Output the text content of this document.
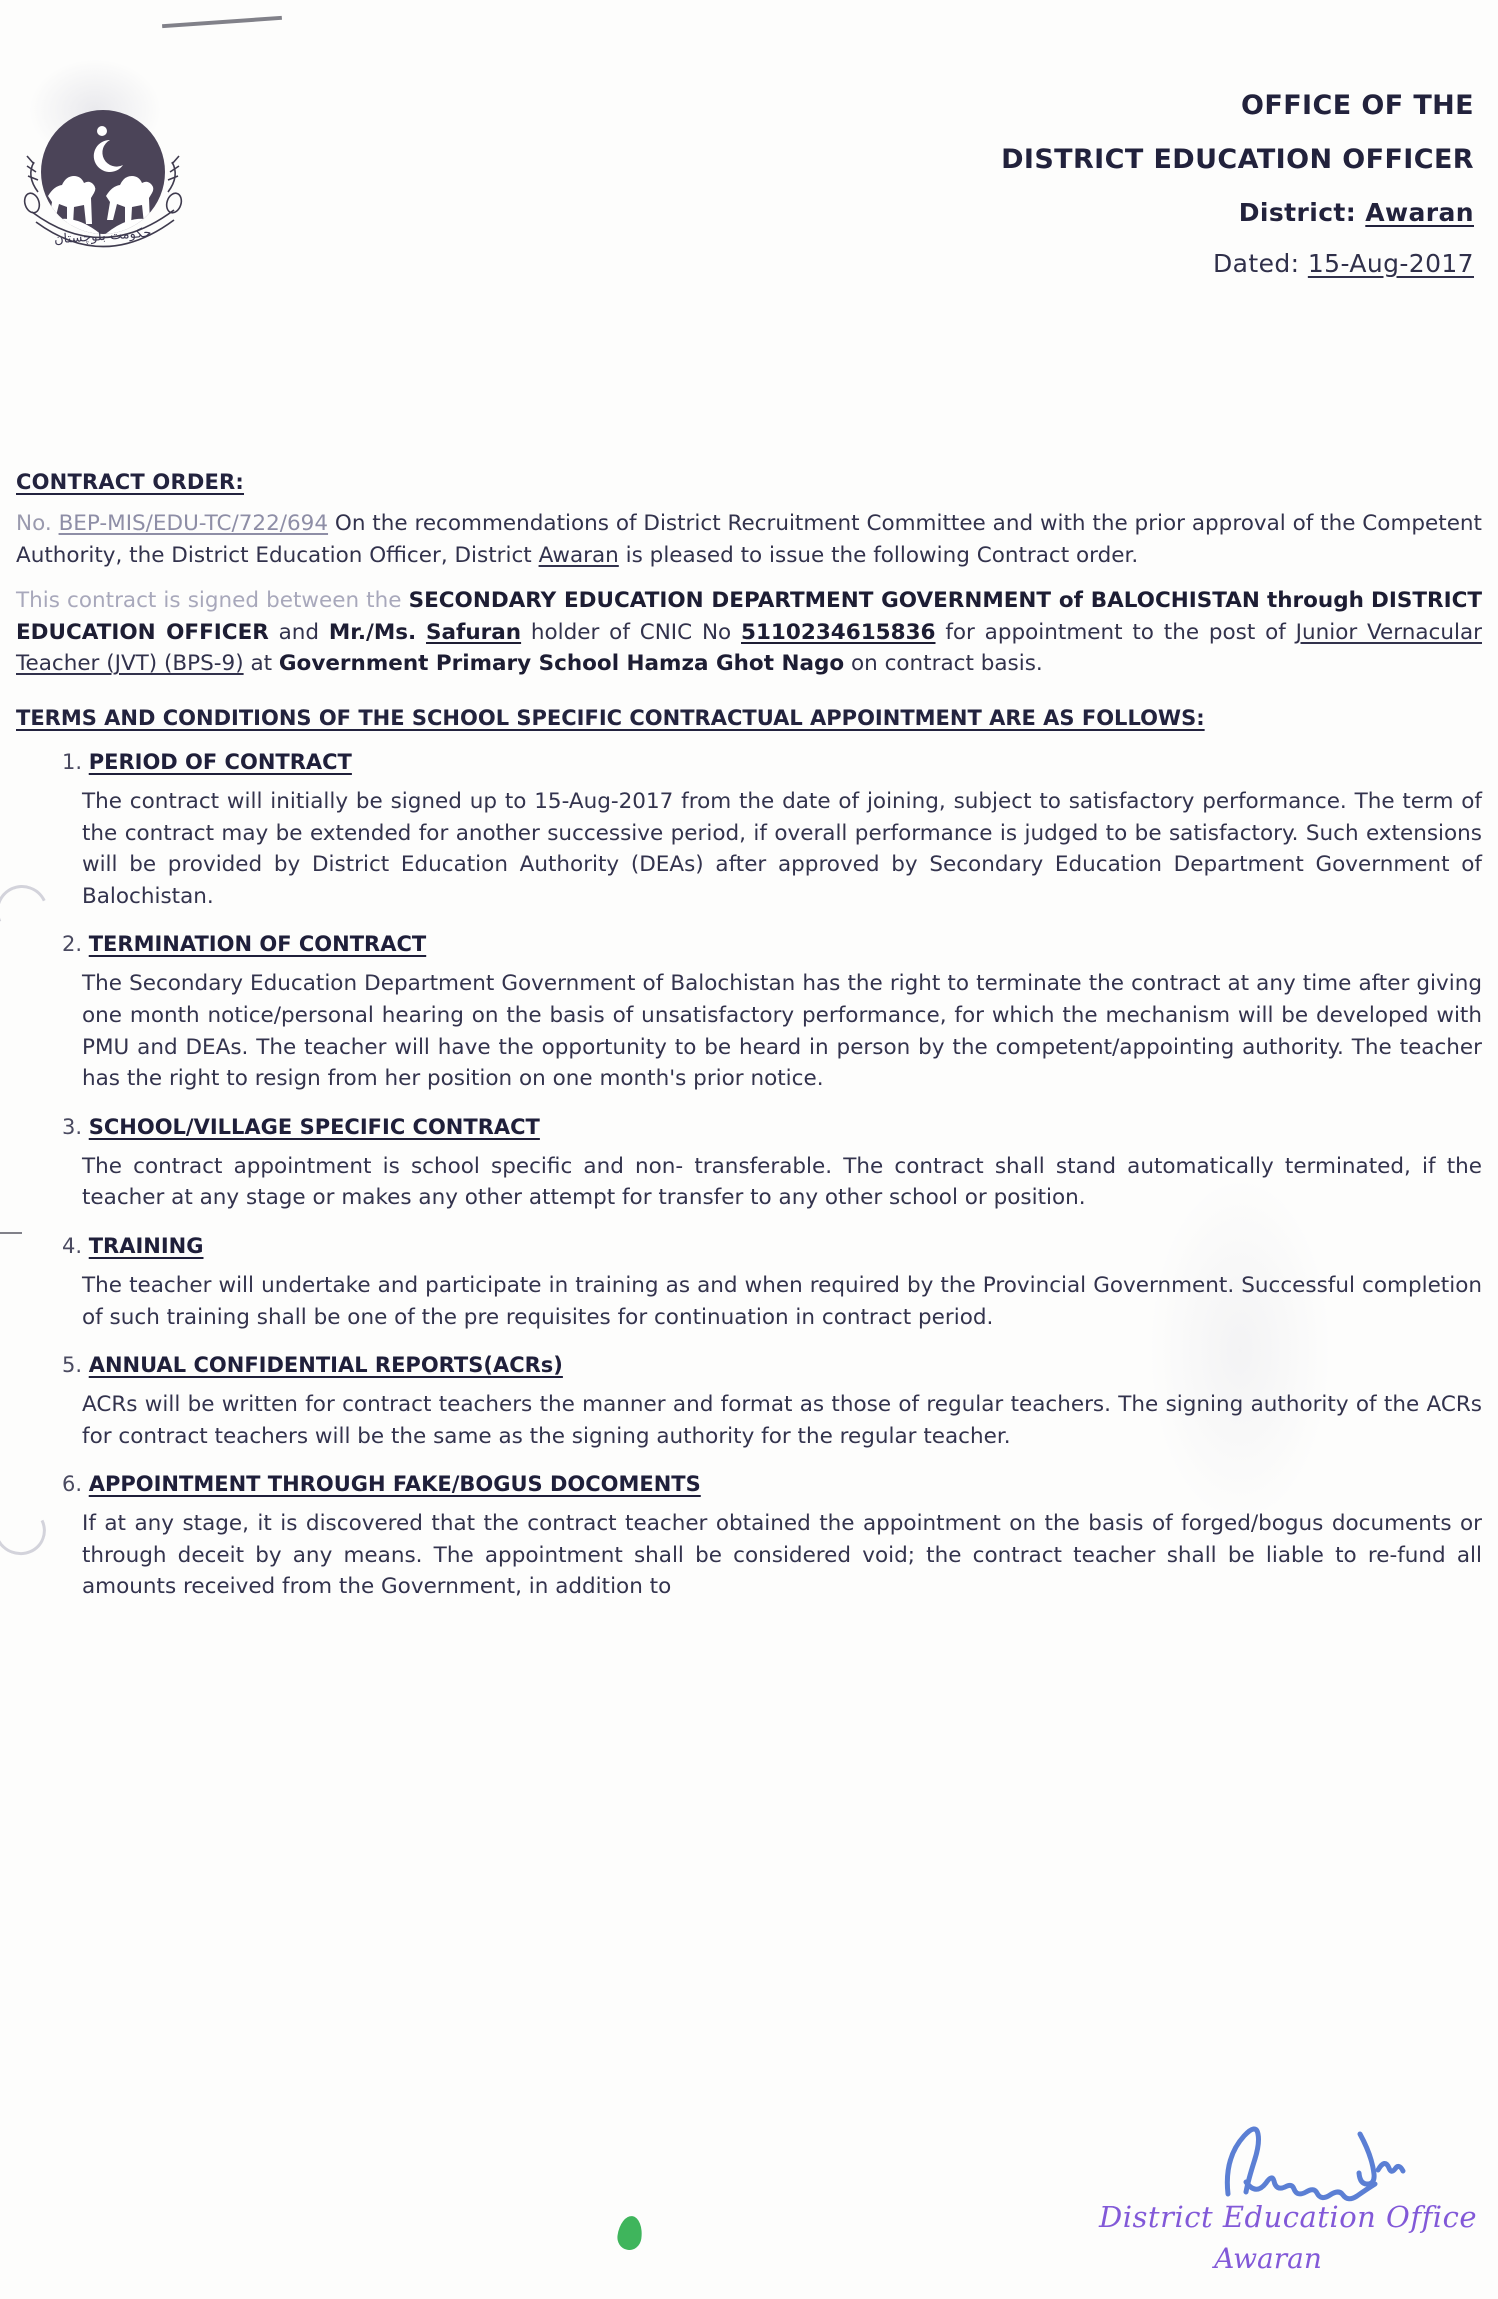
حکومت بلوچستان
OFFICE OF THE
DISTRICT EDUCATION OFFICER
District: Awaran
Dated: 15-Aug-2017
CONTRACT ORDER:

No. BEP-MIS/EDU-TC/722/694 On the recommendations of District Recruitment Committee and with the prior approval of the Competent Authority, the District Education Officer, District Awaran is pleased to issue the following Contract order.

This contract is signed between the SECONDARY EDUCATION DEPARTMENT GOVERNMENT of BALOCHISTAN through DISTRICT EDUCATION OFFICER and Mr./Ms. Safuran holder of CNIC No 5110234615836 for appointment to the post of Junior Vernacular Teacher (JVT) (BPS-9) at Government Primary School Hamza Ghot Nago on contract basis.

TERMS AND CONDITIONS OF THE SCHOOL SPECIFIC CONTRACTUAL APPOINTMENT ARE AS FOLLOWS:
1. PERIOD OF CONTRACT
The contract will initially be signed up to 15-Aug-2017 from the date of joining, subject to satisfactory performance. The term of the contract may be extended for another successive period, if overall performance is judged to be satisfactory. Such extensions will be provided by District Education Authority (DEAs) after approved by Secondary Education Department Government of Balochistan.
2. TERMINATION OF CONTRACT
The Secondary Education Department Government of Balochistan has the right to terminate the contract at any time after giving one month notice/personal hearing on the basis of unsatisfactory performance, for which the mechanism will be developed with PMU and DEAs. The teacher will have the opportunity to be heard in person by the competent/appointing authority. The teacher has the right to resign from her position on one month's prior notice.
3. SCHOOL/VILLAGE SPECIFIC CONTRACT
The contract appointment is school specific and non- transferable. The contract shall stand automatically terminated, if the teacher at any stage or makes any other attempt for transfer to any other school or position.
4. TRAINING
The teacher will undertake and participate in training as and when required by the Provincial Government. Successful completion of such training shall be one of the pre requisites for continuation in contract period.
5. ANNUAL CONFIDENTIAL REPORTS(ACRs)
ACRs will be written for contract teachers the manner and format as those of regular teachers. The signing authority of the ACRs for contract teachers will be the same as the signing authority for the regular teacher.
6. APPOINTMENT THROUGH FAKE/BOGUS DOCOMENTS
If at any stage, it is discovered that the contract teacher obtained the appointment on the basis of forged/bogus documents or through deceit by any means. The appointment shall be considered void; the contract teacher shall be liable to re-fund all amounts received from the Government, in addition to
District Education Office
Awaran
